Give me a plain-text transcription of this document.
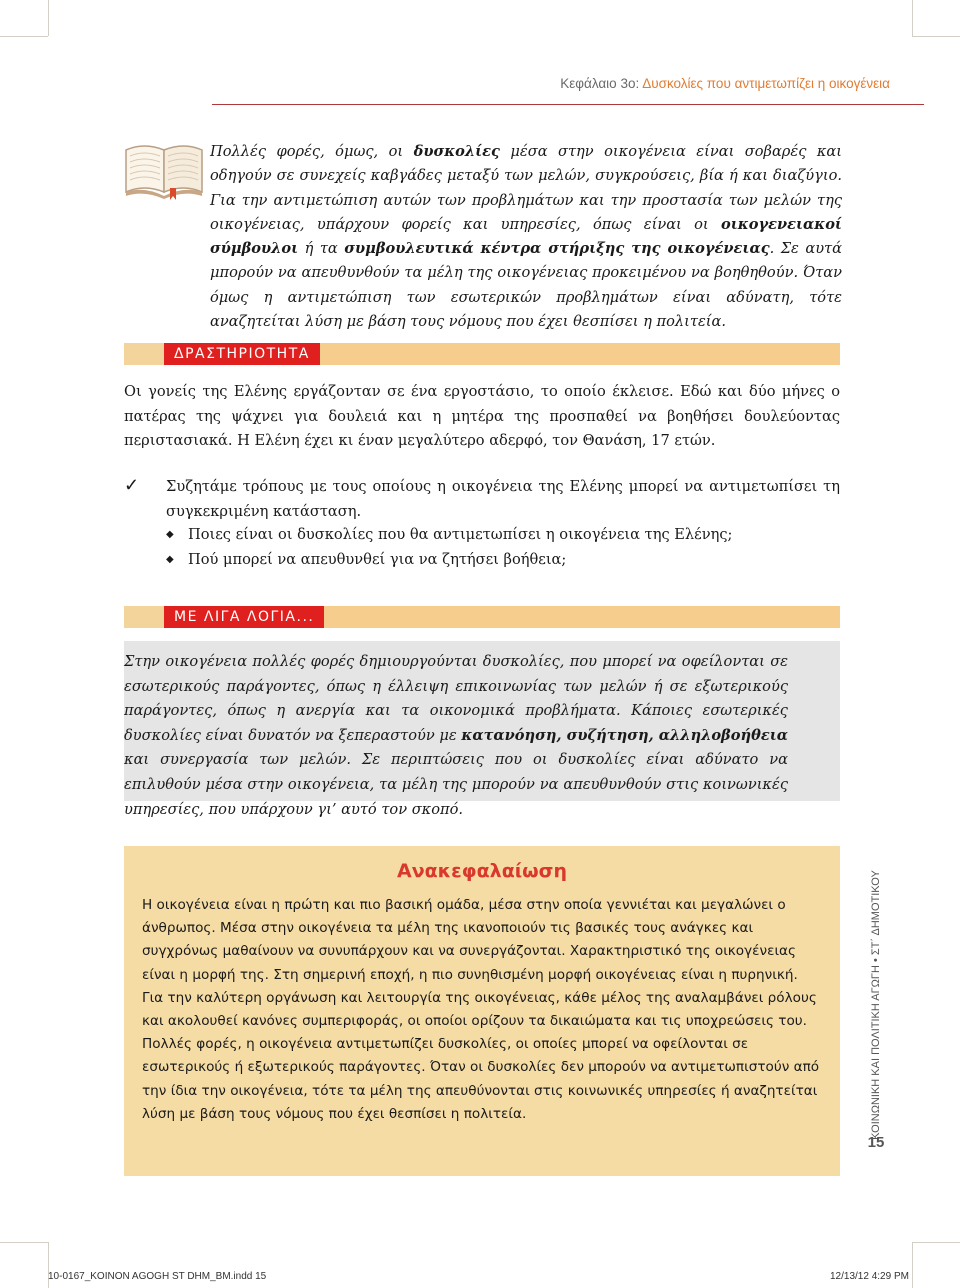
Κεφάλαιο 3ο: Δυσκολίες που αντιμετωπίζει η οικογένεια
Πολλές φορές, όμως, οι δυσκολίες μέσα στην οικογένεια είναι σοβαρές και οδηγούν σε συνεχείς καβγάδες μεταξύ των μελών, συγκρούσεις, βία ή και διαζύγιο. Για την αντιμετώπιση αυτών των προβλημάτων και την προστασία των μελών της οικογένειας, υπάρχουν φορείς και υπηρεσίες, όπως είναι οι οικογενειακοί σύμβουλοι ή τα συμβουλευτικά κέντρα στήριξης της οικογένειας. Σε αυτά μπορούν να απευθυνθούν τα μέλη της οικογένειας προκειμένου να βοηθηθούν. Όταν όμως η αντιμετώπιση των εσωτερικών προβλημάτων είναι αδύνατη, τότε αναζητείται λύση με βάση τους νόμους που έχει θεσπίσει η πολιτεία.
ΔΡΑΣΤΗΡΙΟΤΗΤΑ
Οι γονείς της Ελένης εργάζονταν σε ένα εργοστάσιο, το οποίο έκλεισε. Εδώ και δύο μήνες ο πατέρας της ψάχνει για δουλειά και η μητέρα της προσπαθεί να βοηθήσει δουλεύοντας περιστασιακά. Η Ελένη έχει κι έναν μεγαλύτερο αδερφό, τον Θανάση, 17 ετών.
✓	Συζητάμε τρόπους με τους οποίους η οικογένεια της Ελένης μπορεί να αντιμετωπίσει τη συγκεκριμένη κατάσταση.
◆ Ποιες είναι οι δυσκολίες που θα αντιμετωπίσει η οικογένεια της Ελένης;
◆ Πού μπορεί να απευθυνθεί για να ζητήσει βοήθεια;
ΜΕ ΛΙΓΑ ΛΟΓΙΑ...
Στην οικογένεια πολλές φορές δημιουργούνται δυσκολίες, που μπορεί να οφείλονται σε εσωτερικούς παράγοντες, όπως η έλλειψη επικοινωνίας των μελών ή σε εξωτερικούς παράγοντες, όπως η ανεργία και τα οικονομικά προβλήματα. Κάποιες εσωτερικές δυσκολίες είναι δυνατόν να ξεπεραστούν με κατανόηση, συζήτηση, αλληλοβοήθεια και συνεργασία των μελών. Σε περιπτώσεις που οι δυσκολίες είναι αδύνατο να επιλυθούν μέσα στην οικογένεια, τα μέλη της μπορούν να απευθυνθούν στις κοινωνικές υπηρεσίες, που υπάρχουν γι’ αυτό τον σκοπό.
Ανακεφαλαίωση
Η οικογένεια είναι η πρώτη και πιο βασική ομάδα, μέσα στην οποία γεννιέται και μεγαλώνει ο άνθρωπος. Μέσα στην οικογένεια τα μέλη της ικανοποιούν τις βασικές τους ανάγκες και συγχρόνως μαθαίνουν να συνυπάρχουν και να συνεργάζονται. Χαρακτηριστικό της οικογένειας είναι η μορφή της. Στη σημερινή εποχή, η πιο συνηθισμένη μορφή οικογένειας είναι η πυρηνική. Για την καλύτερη οργάνωση και λειτουργία της οικογένειας, κάθε μέλος της αναλαμβάνει ρόλους και ακολουθεί κανόνες συμπεριφοράς, οι οποίοι ορίζουν τα δικαιώματα και τις υποχρεώσεις του. Πολλές φορές, η οικογένεια αντιμετωπίζει δυσκολίες, οι οποίες μπορεί να οφείλονται σε εσωτερικούς ή εξωτερικούς παράγοντες. Όταν οι δυσκολίες δεν μπορούν να αντιμετωπιστούν από την ίδια την οικογένεια, τότε τα μέλη της απευθύνονται στις κοινωνικές υπηρεσίες ή αναζητείται λύση με βάση τους νόμους που έχει θεσπίσει η πολιτεία.	ΚΟΙΝΩΝΙΚΗ ΚΑΙ ΠΟΛΙΤΙΚΗ ΑΓΩΓΗ • ΣΤ΄ ΔΗΜΟΤΙΚΟΥ
15
10-0167_KOINON AGOGH ST DHM_BM.indd 15	12/13/12 4:29 PM
